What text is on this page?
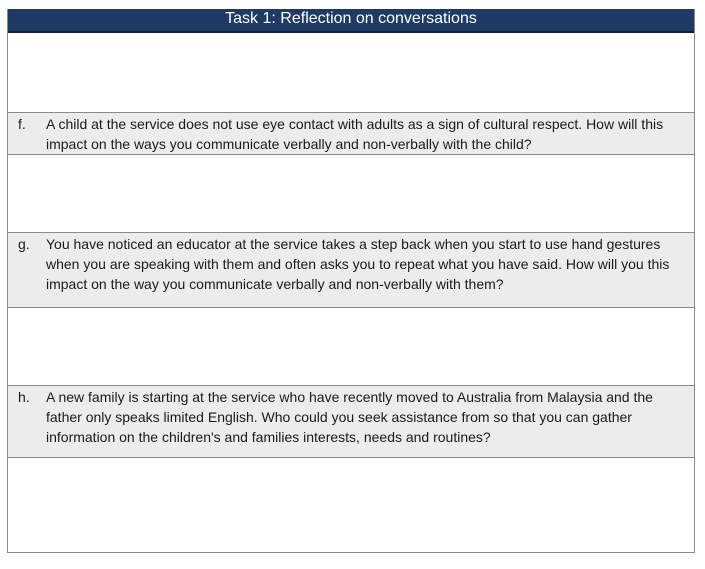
Task 1: Reflection on conversations
f.	A child at the service does not use eye contact with adults as a sign of cultural respect. How will this impact on the ways you communicate verbally and non-verbally with the child?
g.	You have noticed an educator at the service takes a step back when you start to use hand gestures when you are speaking with them and often asks you to repeat what you have said. How will you this impact on the way you communicate verbally and non-verbally with them?
h.	A new family is starting at the service who have recently moved to Australia from Malaysia and the father only speaks limited English. Who could you seek assistance from so that you can gather information on the children's and families interests, needs and routines?
